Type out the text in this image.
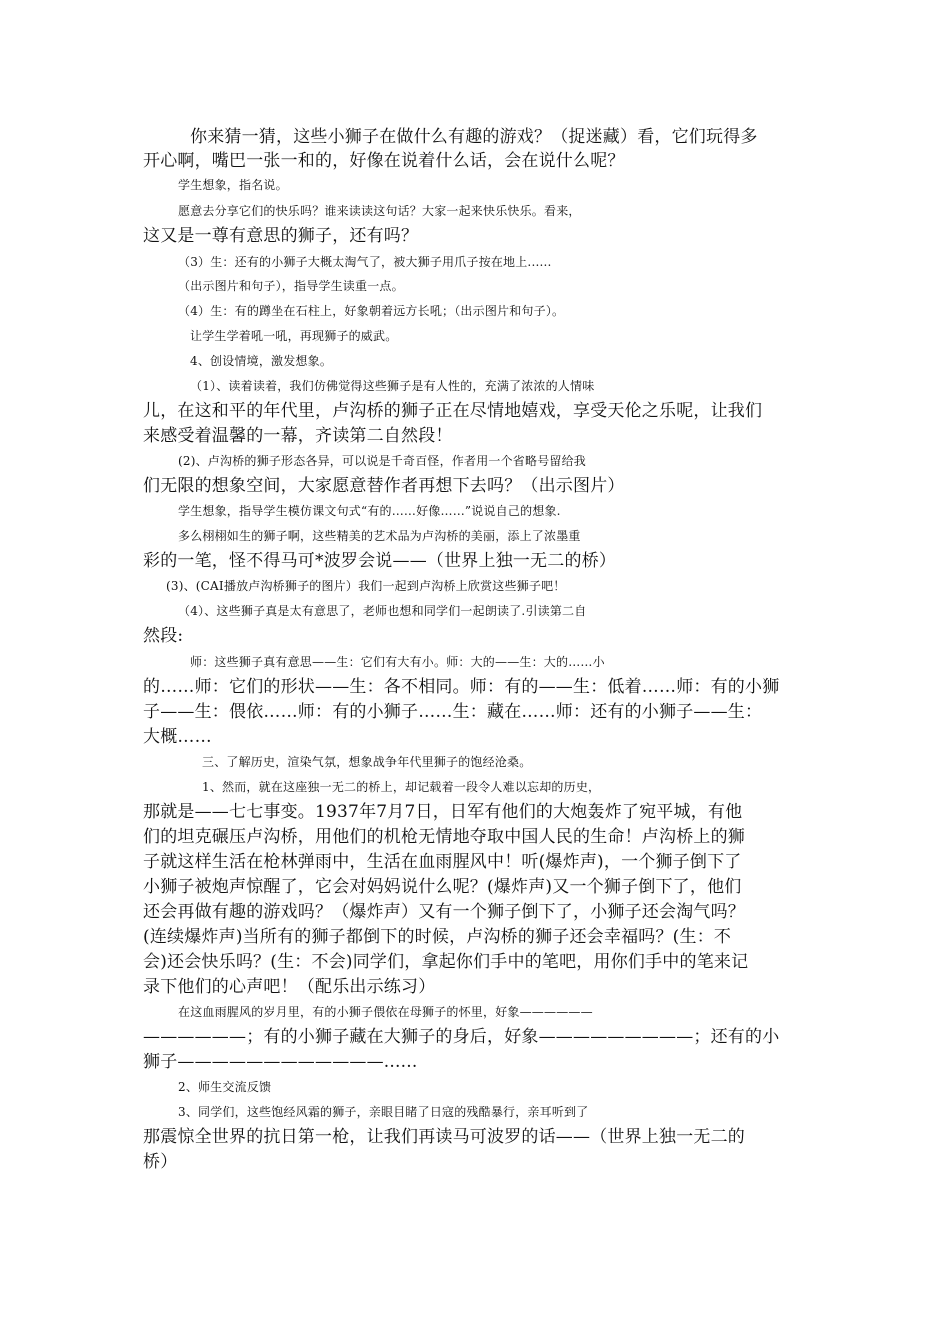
你来猜一猜，这些小狮子在做什么有趣的游戏？（捉迷藏）看，它们玩得多
开心啊，嘴巴一张一和的，好像在说着什么话，会在说什么呢？
学生想象，指名说。
愿意去分享它们的快乐吗？谁来读读这句话？大家一起来快乐快乐。看来，
这又是一尊有意思的狮子，还有吗？
（3）生：还有的小狮子大概太淘气了，被大狮子用爪子按在地上......
（出示图片和句子），指导学生读重一点。
（4）生：有的蹲坐在石柱上，好象朝着远方长吼；（出示图片和句子）。
让学生学着吼一吼，再现狮子的威武。
4、创设情境，激发想象。
（1）、读着读着，我们仿佛觉得这些狮子是有人性的，充满了浓浓的人情味
儿，在这和平的年代里，卢沟桥的狮子正在尽情地嬉戏，享受天伦之乐呢，让我们
来感受着温馨的一幕，齐读第二自然段！
(2)、卢沟桥的狮子形态各异，可以说是千奇百怪，作者用一个省略号留给我
们无限的想象空间，大家愿意替作者再想下去吗？（出示图片）
学生想象，指导学生模仿课文句式“有的……好像……”说说自己的想象.
多么栩栩如生的狮子啊，这些精美的艺术品为卢沟桥的美丽，添上了浓墨重
彩的一笔，怪不得马可*波罗会说——（世界上独一无二的桥）
(3)、(CAI播放卢沟桥狮子的图片）我们一起到卢沟桥上欣赏这些狮子吧！
（4）、这些狮子真是太有意思了，老师也想和同学们一起朗读了.引读第二自
然段:
师：这些狮子真有意思——生：它们有大有小。师：大的——生：大的……小
的……师：它们的形状——生：各不相同。师：有的——生：低着……师：有的小狮
子——生：偎依……师：有的小狮子……生：藏在……师：还有的小狮子——生：
大概……
三、了解历史，渲染气氛，想象战争年代里狮子的饱经沧桑。
1、然而，就在这座独一无二的桥上，却记载着一段令人难以忘却的历史，
那就是——七七事变。1937年7月7日，日军有他们的大炮轰炸了宛平城，有他
们的坦克碾压卢沟桥，用他们的机枪无情地夺取中国人民的生命！卢沟桥上的狮
子就这样生活在枪林弹雨中，生活在血雨腥风中！听(爆炸声)，一个狮子倒下了
小狮子被炮声惊醒了，它会对妈妈说什么呢？(爆炸声)又一个狮子倒下了，他们
还会再做有趣的游戏吗？（爆炸声）又有一个狮子倒下了，小狮子还会淘气吗？
(连续爆炸声)当所有的狮子都倒下的时候，卢沟桥的狮子还会幸福吗？(生：不
会)还会快乐吗？(生：不会)同学们，拿起你们手中的笔吧，用你们手中的笔来记
录下他们的心声吧！（配乐出示练习）
在这血雨腥风的岁月里，有的小狮子偎依在母狮子的怀里，好象——————
——————；有的小狮子藏在大狮子的身后，好象—————————；还有的小
狮子————————————......
2、师生交流反馈
3、同学们，这些饱经风霜的狮子，亲眼目睹了日寇的残酷暴行，亲耳听到了
那震惊全世界的抗日第一枪，让我们再读马可波罗的话——（世界上独一无二的
桥）
